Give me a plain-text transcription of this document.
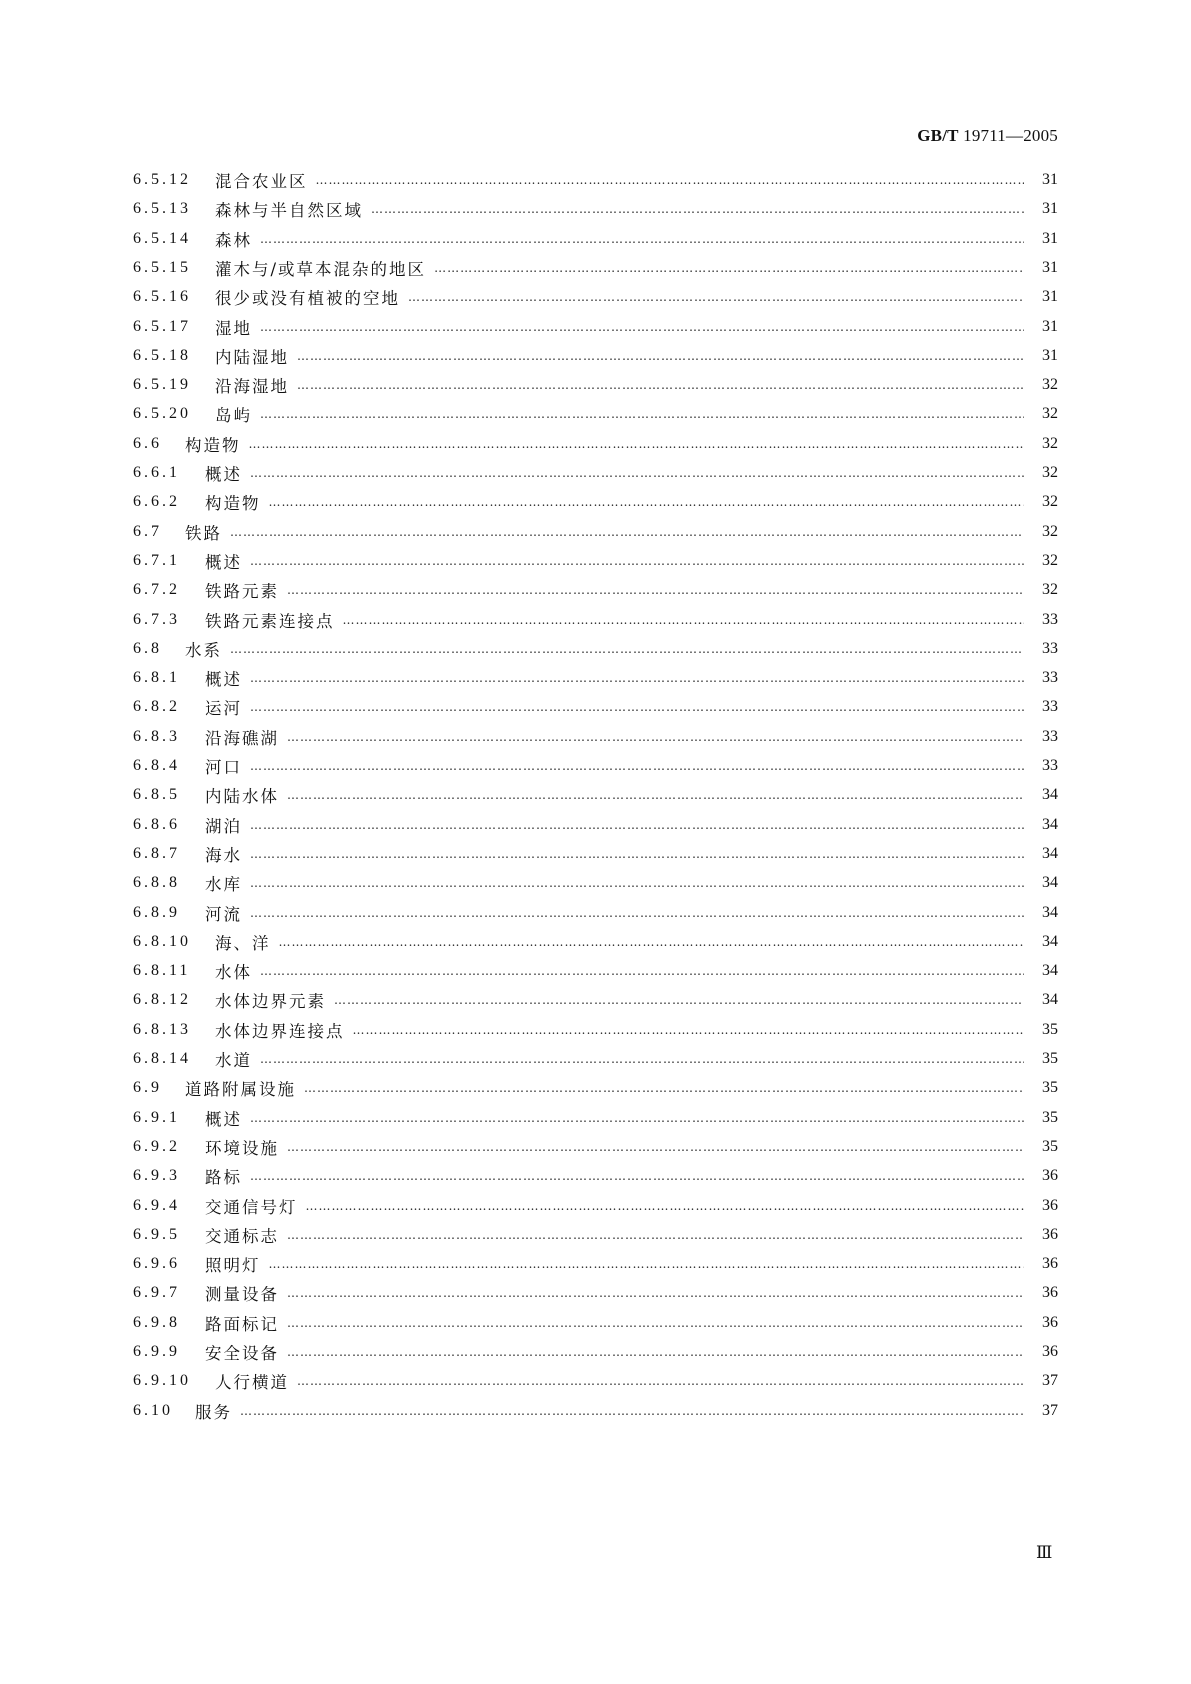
GB/T 19711—2005
6.5.12	混合农业区 …………………………………………………………………………………………………………………………………………………………………………………………………………………………………………………………	31
6.5.13	森林与半自然区域 …………………………………………………………………………………………………………………………………………………………………………………………………………………………………………………………	31
6.5.14	森林 …………………………………………………………………………………………………………………………………………………………………………………………………………………………………………………………	31
6.5.15	灌木与/或草本混杂的地区 …………………………………………………………………………………………………………………………………………………………………………………………………………………………………………………………	31
6.5.16	很少或没有植被的空地 …………………………………………………………………………………………………………………………………………………………………………………………………………………………………………………………	31
6.5.17	湿地 …………………………………………………………………………………………………………………………………………………………………………………………………………………………………………………………	31
6.5.18	内陆湿地 …………………………………………………………………………………………………………………………………………………………………………………………………………………………………………………………	31
6.5.19	沿海湿地 …………………………………………………………………………………………………………………………………………………………………………………………………………………………………………………………	32
6.5.20	岛屿 …………………………………………………………………………………………………………………………………………………………………………………………………………………………………………………………	32
6.6	构造物 …………………………………………………………………………………………………………………………………………………………………………………………………………………………………………………………	32
6.6.1	概述 …………………………………………………………………………………………………………………………………………………………………………………………………………………………………………………………	32
6.6.2	构造物 …………………………………………………………………………………………………………………………………………………………………………………………………………………………………………………………	32
6.7	铁路 …………………………………………………………………………………………………………………………………………………………………………………………………………………………………………………………	32
6.7.1	概述 …………………………………………………………………………………………………………………………………………………………………………………………………………………………………………………………	32
6.7.2	铁路元素 …………………………………………………………………………………………………………………………………………………………………………………………………………………………………………………………	32
6.7.3	铁路元素连接点 …………………………………………………………………………………………………………………………………………………………………………………………………………………………………………………………	33
6.8	水系 …………………………………………………………………………………………………………………………………………………………………………………………………………………………………………………………	33
6.8.1	概述 …………………………………………………………………………………………………………………………………………………………………………………………………………………………………………………………	33
6.8.2	运河 …………………………………………………………………………………………………………………………………………………………………………………………………………………………………………………………	33
6.8.3	沿海礁湖 …………………………………………………………………………………………………………………………………………………………………………………………………………………………………………………………	33
6.8.4	河口 …………………………………………………………………………………………………………………………………………………………………………………………………………………………………………………………	33
6.8.5	内陆水体 …………………………………………………………………………………………………………………………………………………………………………………………………………………………………………………………	34
6.8.6	湖泊 …………………………………………………………………………………………………………………………………………………………………………………………………………………………………………………………	34
6.8.7	海水 …………………………………………………………………………………………………………………………………………………………………………………………………………………………………………………………	34
6.8.8	水库 …………………………………………………………………………………………………………………………………………………………………………………………………………………………………………………………	34
6.8.9	河流 …………………………………………………………………………………………………………………………………………………………………………………………………………………………………………………………	34
6.8.10	海、洋 …………………………………………………………………………………………………………………………………………………………………………………………………………………………………………………………	34
6.8.11	水体 …………………………………………………………………………………………………………………………………………………………………………………………………………………………………………………………	34
6.8.12	水体边界元素 …………………………………………………………………………………………………………………………………………………………………………………………………………………………………………………………	34
6.8.13	水体边界连接点 …………………………………………………………………………………………………………………………………………………………………………………………………………………………………………………………	35
6.8.14	水道 …………………………………………………………………………………………………………………………………………………………………………………………………………………………………………………………	35
6.9	道路附属设施 …………………………………………………………………………………………………………………………………………………………………………………………………………………………………………………………	35
6.9.1	概述 …………………………………………………………………………………………………………………………………………………………………………………………………………………………………………………………	35
6.9.2	环境设施 …………………………………………………………………………………………………………………………………………………………………………………………………………………………………………………………	35
6.9.3	路标 …………………………………………………………………………………………………………………………………………………………………………………………………………………………………………………………	36
6.9.4	交通信号灯 …………………………………………………………………………………………………………………………………………………………………………………………………………………………………………………………	36
6.9.5	交通标志 …………………………………………………………………………………………………………………………………………………………………………………………………………………………………………………………	36
6.9.6	照明灯 …………………………………………………………………………………………………………………………………………………………………………………………………………………………………………………………	36
6.9.7	测量设备 …………………………………………………………………………………………………………………………………………………………………………………………………………………………………………………………	36
6.9.8	路面标记 …………………………………………………………………………………………………………………………………………………………………………………………………………………………………………………………	36
6.9.9	安全设备 …………………………………………………………………………………………………………………………………………………………………………………………………………………………………………………………	36
6.9.10	人行横道 …………………………………………………………………………………………………………………………………………………………………………………………………………………………………………………………	37
6.10	服务 …………………………………………………………………………………………………………………………………………………………………………………………………………………………………………………………	37
Ⅲ
